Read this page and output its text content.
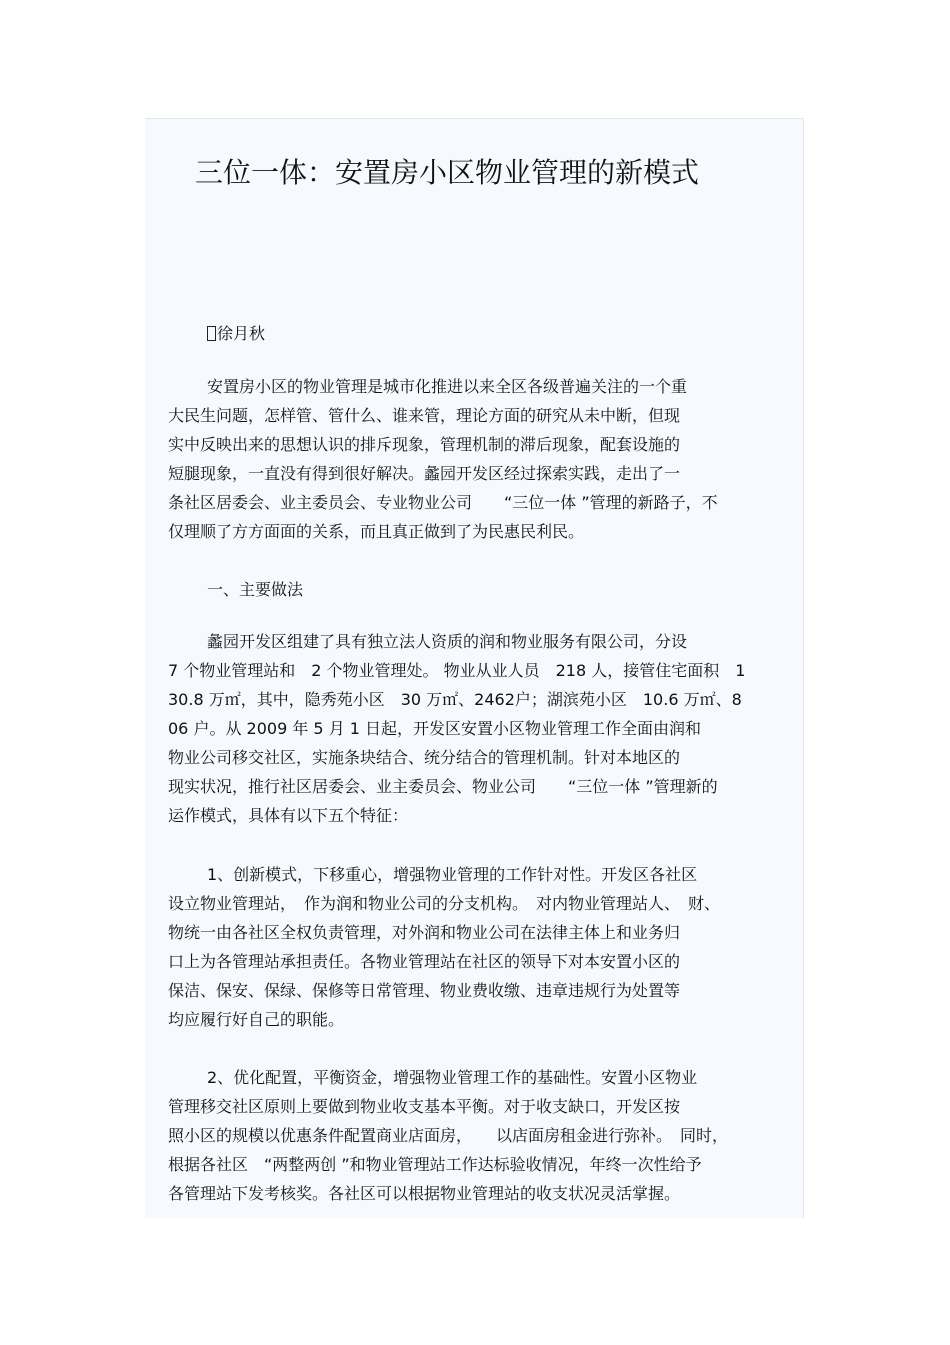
三位一体：安置房小区物业管理的新模式
徐月秋
安置房小区的物业管理是城市化推进以来全区各级普遍关注的一个重
大民生问题，怎样管、管什么、谁来管，理论方面的研究从未中断，但现
实中反映出来的思想认识的排斥现象，管理机制的滞后现象，配套设施的
短腿现象，一直没有得到很好解决。蠡园开发区经过探索实践，走出了一
条社区居委会、业主委员会、专业物业公司　　“三位一体 ”管理的新路子，不
仅理顺了方方面面的关系，而且真正做到了为民惠民利民。
一、主要做法
蠡园开发区组建了具有独立法人资质的润和物业服务有限公司，分设
7 个物业管理站和　2 个物业管理处。 物业从业人员　218 人，接管住宅面积　1
30.8 万㎡，其中，隐秀苑小区　30 万㎡、2462户；湖滨苑小区　10.6 万㎡、8
06 户。从 2009 年 5 月 1 日起，开发区安置小区物业管理工作全面由润和
物业公司移交社区，实施条块结合、统分结合的管理机制。针对本地区的
现实状况，推行社区居委会、业主委员会、物业公司　　“三位一体 ”管理新的
运作模式，具体有以下五个特征：
1、创新模式，下移重心，增强物业管理的工作针对性。开发区各社区
设立物业管理站，　作为润和物业公司的分支机构。　对内物业管理站人、　财、
物统一由各社区全权负责管理，对外润和物业公司在法律主体上和业务归
口上为各管理站承担责任。各物业管理站在社区的领导下对本安置小区的
保洁、保安、保绿、保修等日常管理、物业费收缴、违章违规行为处置等
均应履行好自己的职能。
2、优化配置，平衡资金，增强物业管理工作的基础性。安置小区物业
管理移交社区原则上要做到物业收支基本平衡。对于收支缺口，开发区按
照小区的规模以优惠条件配置商业店面房，　　以店面房租金进行弥补。　同时，
根据各社区　“两整两创 ”和物业管理站工作达标验收情况，年终一次性给予
各管理站下发考核奖。各社区可以根据物业管理站的收支状况灵活掌握。
